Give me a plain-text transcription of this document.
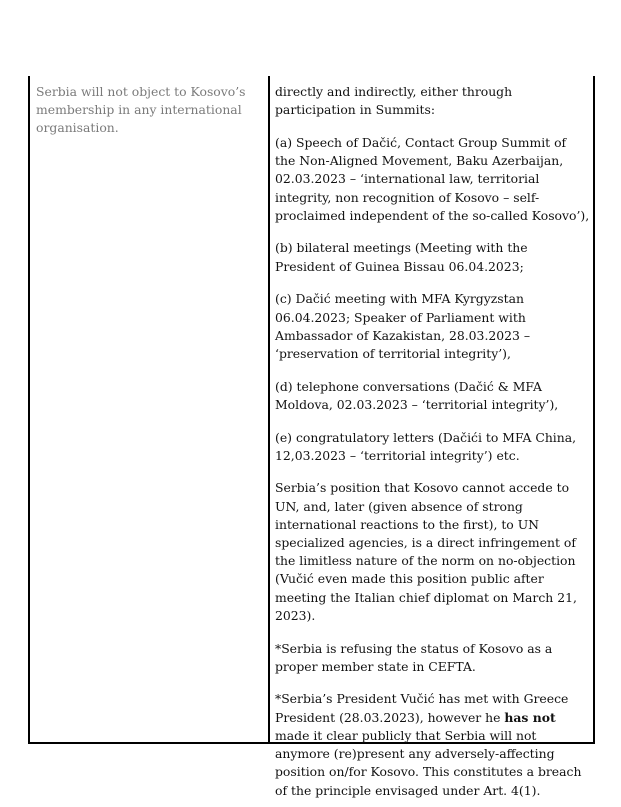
Serbia will not object to Kosovo’s membership in any international organisation.

directly and indirectly, either through participation in Summits:

(a) Speech of Dačić, Contact Group Summit of the Non-Aligned Movement, Baku Azerbaijan, 02.03.2023 – ‘international law, territorial integrity, non recognition of Kosovo – self-proclaimed independent of the so-called Kosovo’),

(b) bilateral meetings (Meeting with the President of Guinea Bissau 06.04.2023;

(c) Dačić meeting with MFA Kyrgyzstan 06.04.2023; Speaker of Parliament with Ambassador of Kazakistan, 28.03.2023 – ‘preservation of territorial integrity’),

(d) telephone conversations (Dačić & MFA Moldova, 02.03.2023 – ‘territorial integrity’),

(e) congratulatory letters (Dačići to MFA China, 12,03.2023 – ‘territorial integrity’) etc.

Serbia’s position that Kosovo cannot accede to UN, and, later (given absence of strong international reactions to the first), to UN specialized agencies, is a direct infringement of the limitless nature of the norm on no-objection (Vučić even made this position public after meeting the Italian chief diplomat on March 21, 2023).

*Serbia is refusing the status of Kosovo as a proper member state in CEFTA.

*Serbia’s President Vučić has met with Greece President (28.03.2023), however he has not made it clear publicly that Serbia will not anymore (re)present any adversely-affecting position on/for Kosovo. This constitutes a breach of the principle envisaged under Art. 4(1).
